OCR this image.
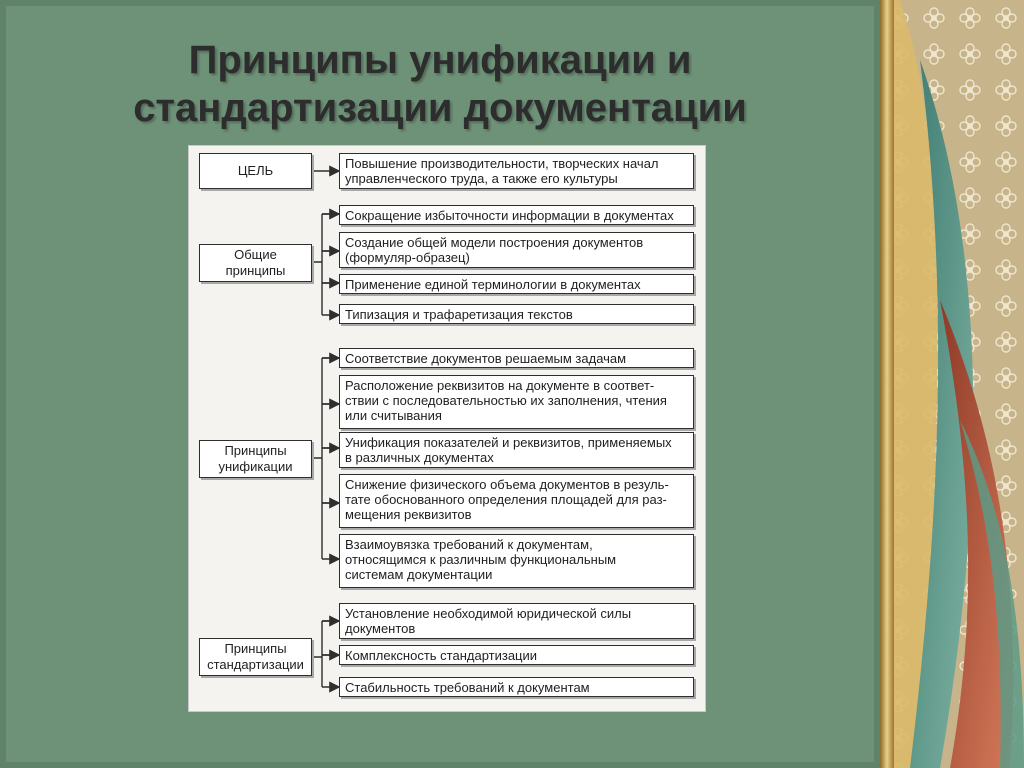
Принципы унификации и
стандартизации документации
ЦЕЛЬ
Общие
принципы
Принципы
унификации
Принципы
стандартизации
Повышение производительности, творческих начал
управленческого труда, а также его культуры
Сокращение избыточности информации в документах
Создание общей модели построения документов
(формуляр-образец)
Применение единой терминологии в документах
Типизация и трафаретизация текстов
Соответствие документов решаемым задачам
Расположение реквизитов на документе в соответ-
ствии с последовательностью их заполнения, чтения
или считывания
Унификация показателей и реквизитов, применяемых
в различных документах
Снижение физического объема документов в резуль-
тате обоснованного определения площадей для раз-
мещения реквизитов
Взаимоувязка требований к документам,
относящимся к различным функциональным
системам документации
Установление необходимой юридической силы
документов
Комплексность стандартизации
Стабильность требований к документам
